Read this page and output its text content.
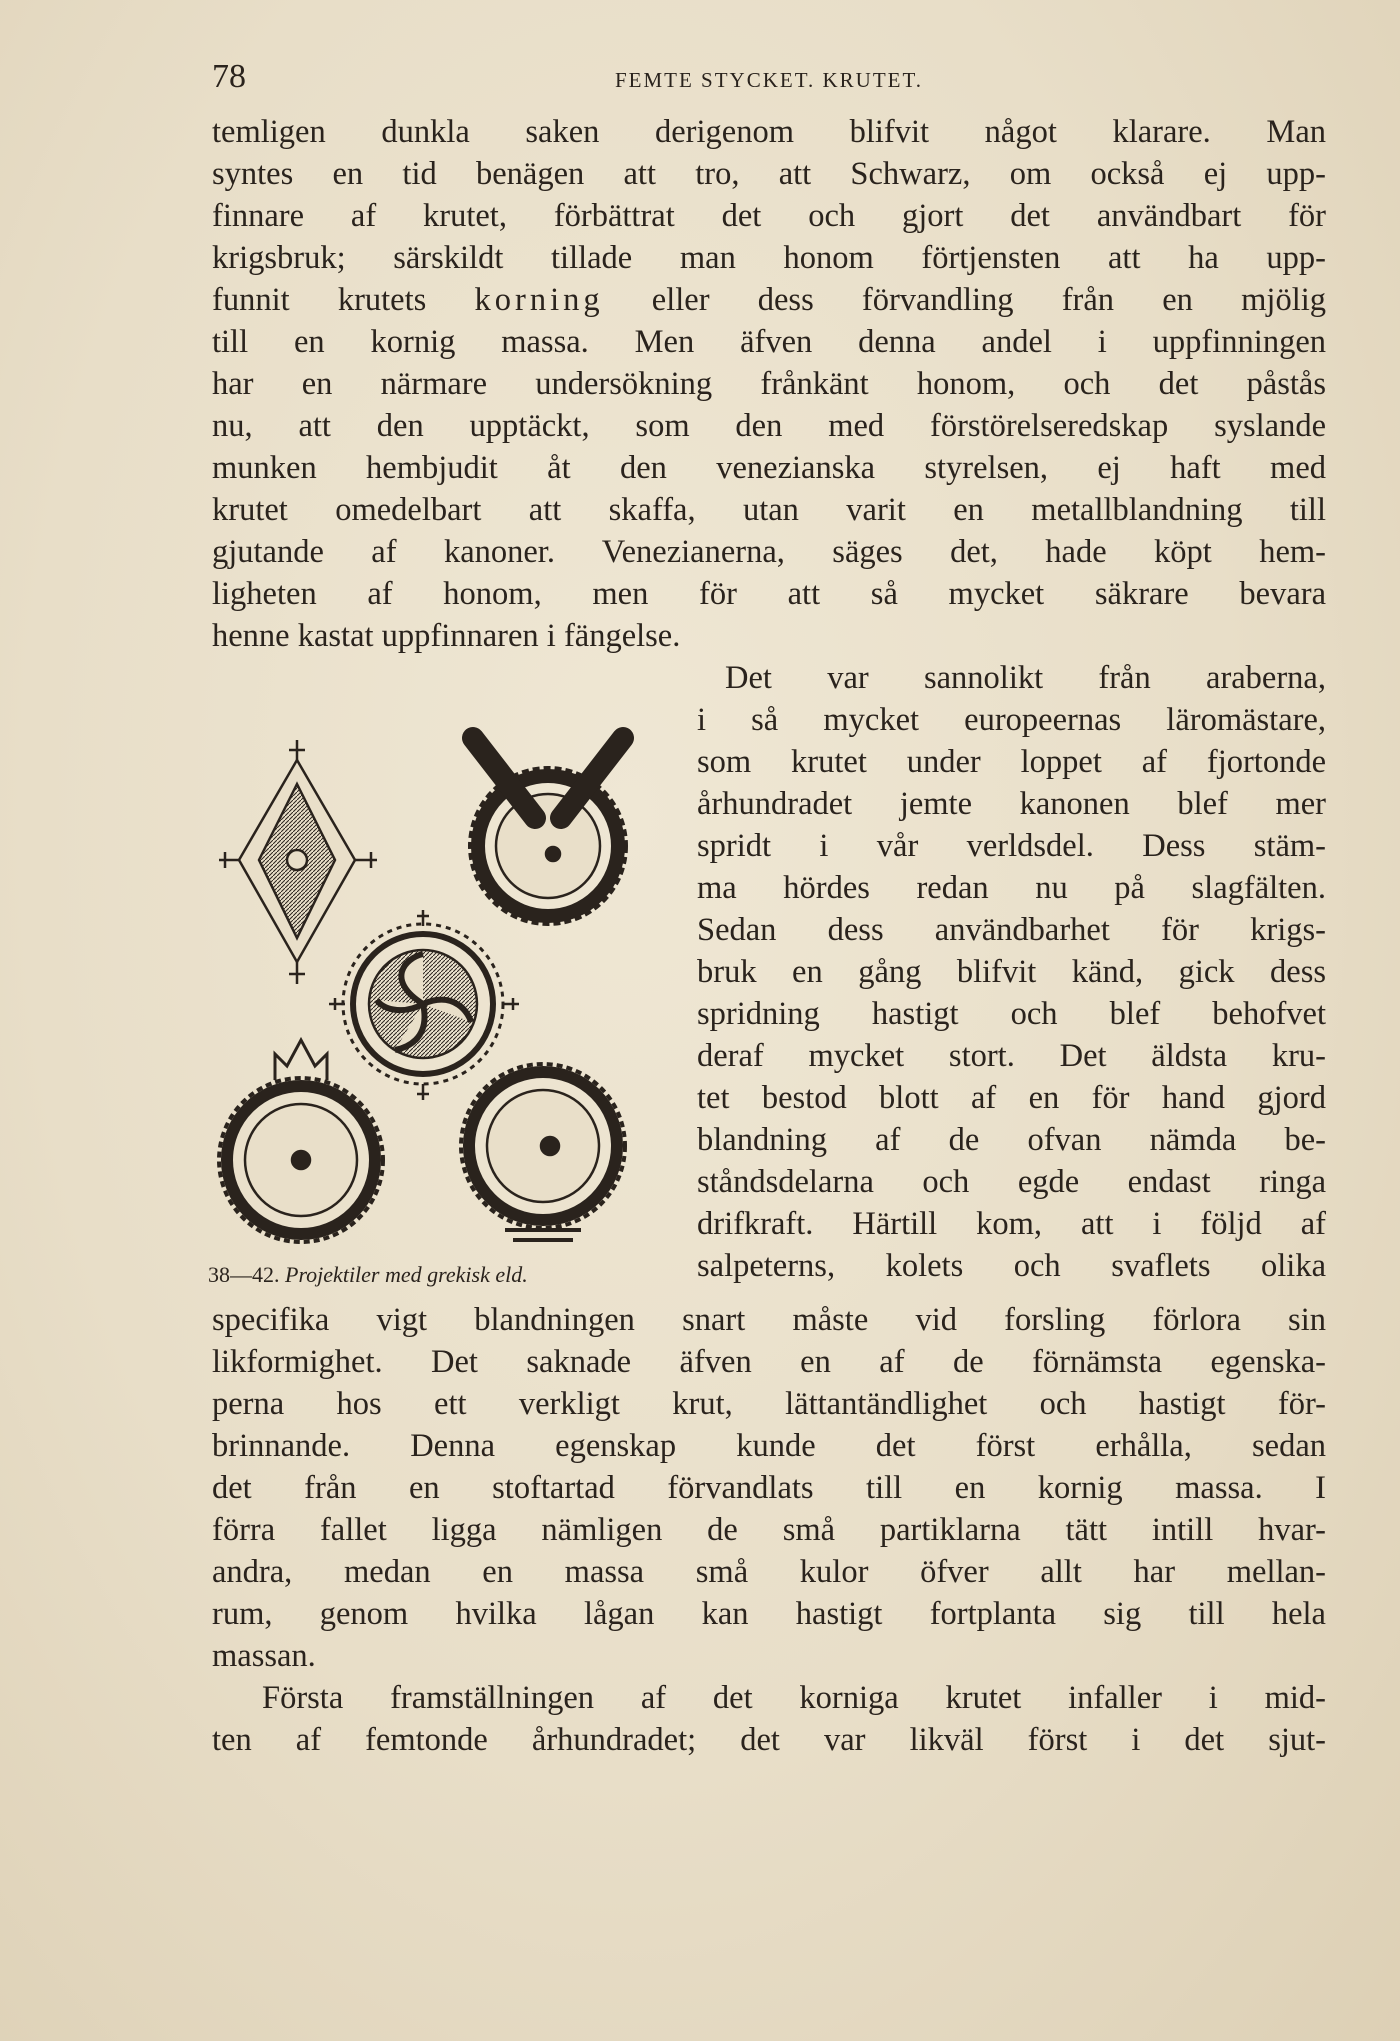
78	FEMTE STYCKET. KRUTET.
temligen dunkla saken derigenom blifvit något klarare. Man
syntes en tid benägen att tro, att Schwarz, om också ej upp-
finnare af krutet, förbättrat det och gjort det användbart för
krigsbruk; särskildt tillade man honom förtjensten att ha upp-
funnit krutets korning eller dess förvandling från en mjölig
till en kornig massa. Men äfven denna andel i uppfinningen
har en närmare undersökning frånkänt honom, och det påstås
nu, att den upptäckt, som den med förstörelseredskap syslande
munken hembjudit åt den venezianska styrelsen, ej haft med
krutet omedelbart att skaffa, utan varit en metallblandning till
gjutande af kanoner. Venezianerna, säges det, hade köpt hem-
ligheten af honom, men för att så mycket säkrare bevara
henne kastat uppfinnaren i fängelse.
Det var sannolikt från araberna,
i så mycket europeernas läromästare,
som krutet under loppet af fjortonde
århundradet jemte kanonen blef mer
spridt i vår verldsdel. Dess stäm-
ma hördes redan nu på slagfälten.
Sedan dess användbarhet för krigs-
bruk en gång blifvit känd, gick dess
spridning hastigt och blef behofvet
deraf mycket stort. Det äldsta kru-
tet bestod blott af en för hand gjord
blandning af de ofvan nämda be-
ståndsdelarna och egde endast ringa
drifkraft. Härtill kom, att i följd af
salpeterns, kolets och svaflets olika
38—42. Projektiler med grekisk eld.
specifika vigt blandningen snart måste vid forsling förlora sin
likformighet. Det saknade äfven en af de förnämsta egenska-
perna hos ett verkligt krut, lättantändlighet och hastigt för-
brinnande. Denna egenskap kunde det först erhålla, sedan
det från en stoftartad förvandlats till en kornig massa. I
förra fallet ligga nämligen de små partiklarna tätt intill hvar-
andra, medan en massa små kulor öfver allt har mellan-
rum, genom hvilka lågan kan hastigt fortplanta sig till hela
massan.
Första framställningen af det korniga krutet infaller i mid-
ten af femtonde århundradet; det var likväl först i det sjut-
